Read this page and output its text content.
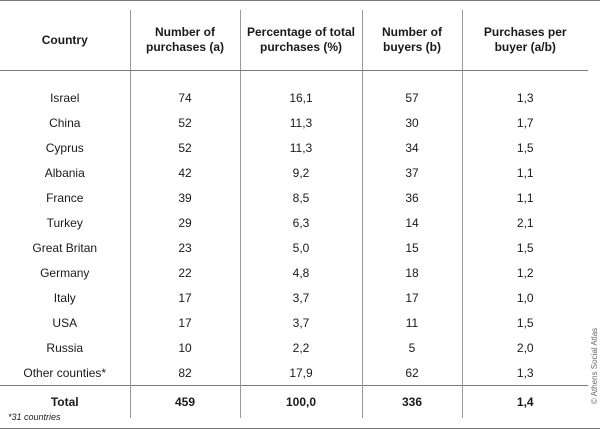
Country	Number of purchases (a)	Percentage of total purchases (%)	Number of buyers (b)	Purchases per buyer (a/b)
Israel	74	16,1	57	1,3
China	52	11,3	30	1,7
Cyprus	52	11,3	34	1,5
Albania	42	9,2	37	1,1
France	39	8,5	36	1,1
Turkey	29	6,3	14	2,1
Great Britan	23	5,0	15	1,5
Germany	22	4,8	18	1,2
Italy	17	3,7	17	1,0
USA	17	3,7	11	1,5
Russia	10	2,2	5	2,0
Other counties*	82	17,9	62	1,3
Total	459	100,0	336	1,4
*31 countries
© Athens Social Atlas
